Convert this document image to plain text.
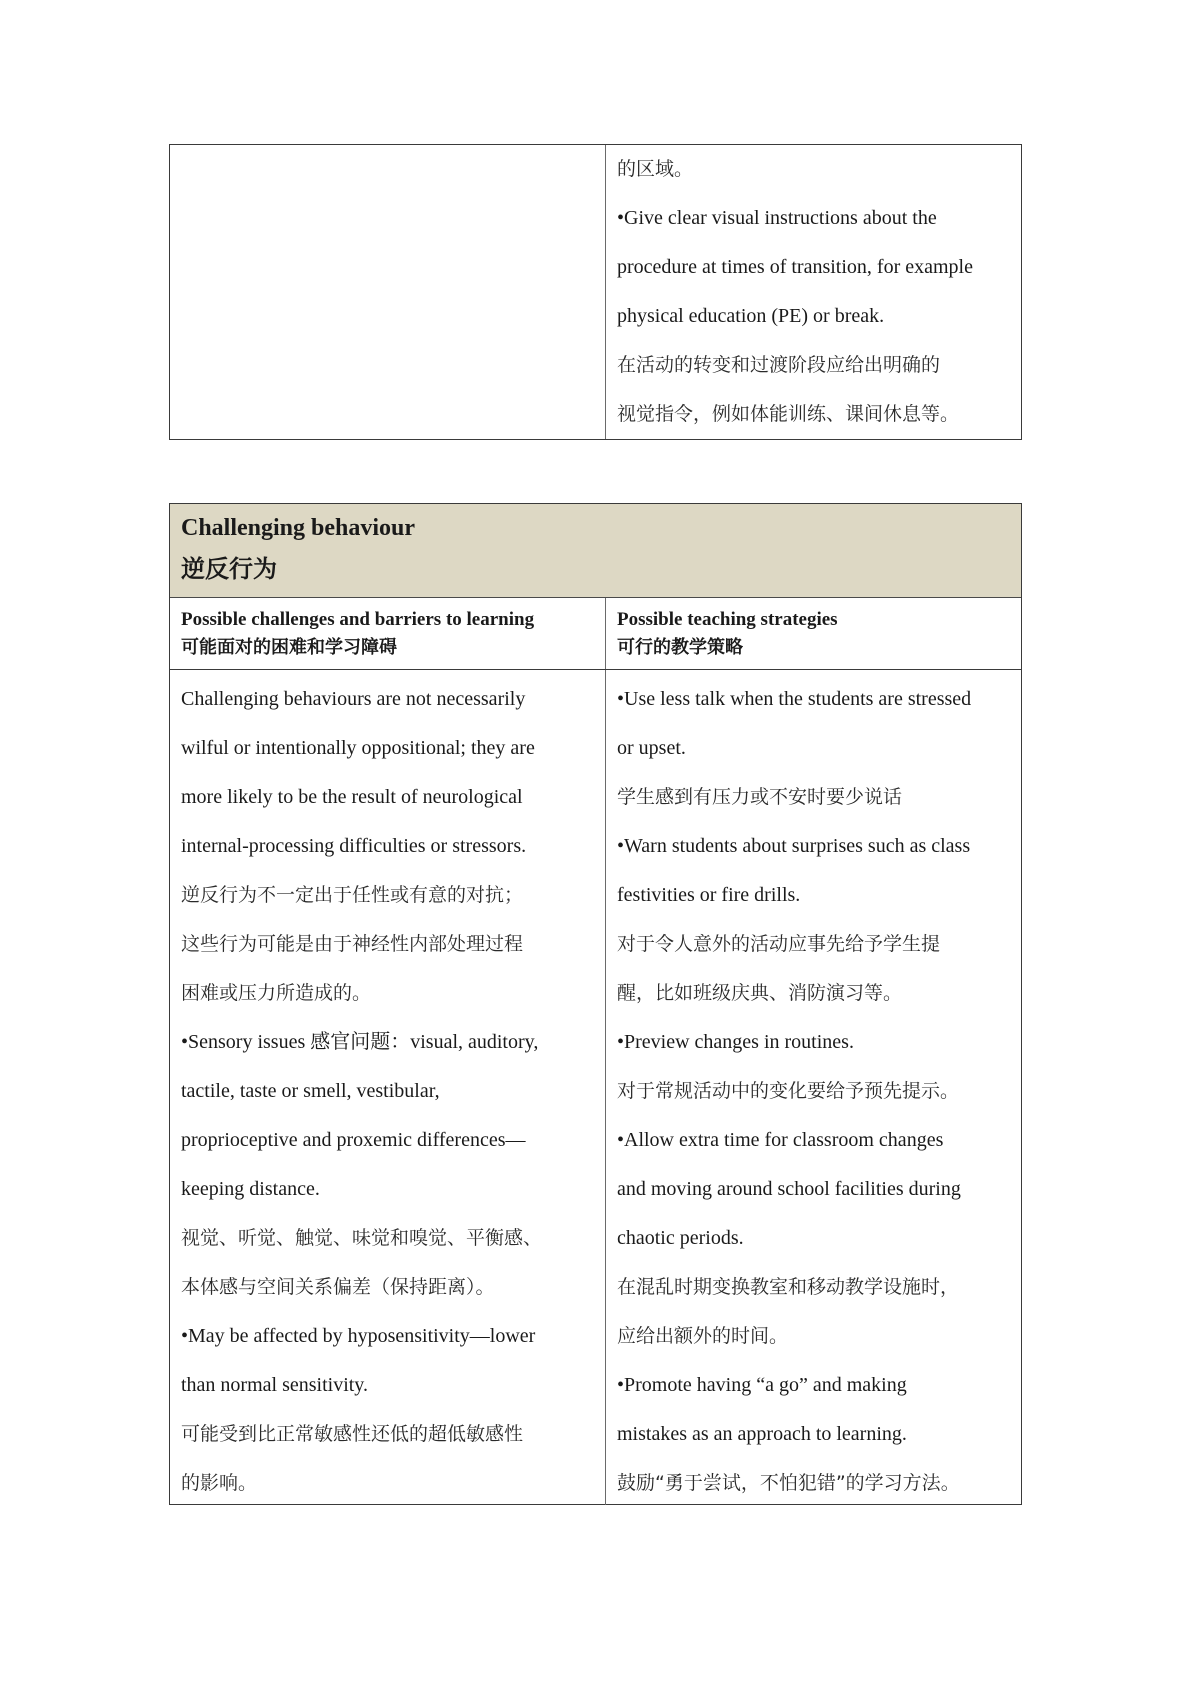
的区域。
•Give clear visual instructions about the
procedure at times of transition, for example
physical education (PE) or break.
在活动的转变和过渡阶段应给出明确的
视觉指令，例如体能训练、课间休息等。
Challenging behaviour
逆反行为
Possible challenges and barriers to learning
可能面对的困难和学习障碍
Possible teaching strategies
可行的教学策略
Challenging behaviours are not necessarily
wilful or intentionally oppositional; they are
more likely to be the result of neurological
internal-processing difficulties or stressors.
逆反行为不一定出于任性或有意的对抗；
这些行为可能是由于神经性内部处理过程
困难或压力所造成的。
•Sensory issues 感官问题：visual, auditory,
tactile, taste or smell, vestibular,
proprioceptive and proxemic differences—
keeping distance.
视觉、听觉、触觉、味觉和嗅觉、平衡感、
本体感与空间关系偏差（保持距离）。
•May be affected by hyposensitivity—lower
than normal sensitivity.
可能受到比正常敏感性还低的超低敏感性
的影响。
•Use less talk when the students are stressed
or upset.
学生感到有压力或不安时要少说话
•Warn students about surprises such as class
festivities or fire drills.
对于令人意外的活动应事先给予学生提
醒，比如班级庆典、消防演习等。
•Preview changes in routines.
对于常规活动中的变化要给予预先提示。
•Allow extra time for classroom changes
and moving around school facilities during
chaotic periods.
在混乱时期变换教室和移动教学设施时，
应给出额外的时间。
•Promote having “a go” and making
mistakes as an approach to learning.
鼓励“勇于尝试，不怕犯错”的学习方法。
